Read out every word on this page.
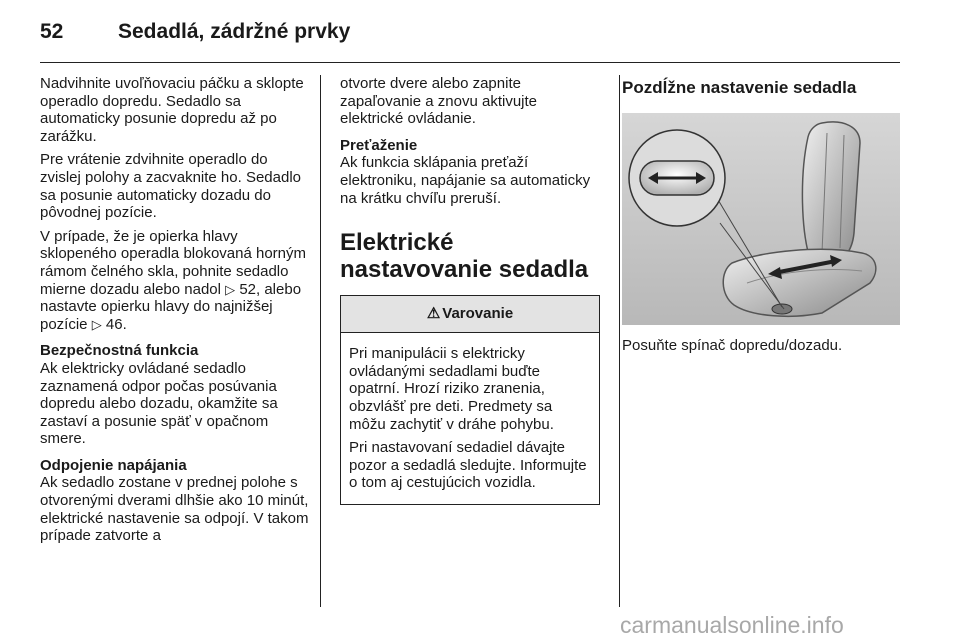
52	Sedadlá, zádržné prvky

Nadvihnite uvoľňovaciu páčku a sklopte operadlo dopredu. Sedadlo sa automaticky posunie dopredu až po zarážku.

Pre vrátenie zdvihnite operadlo do zvislej polohy a zacvaknite ho. Sedadlo sa posunie automaticky dozadu do pôvodnej pozície.

V prípade, že je opierka hlavy sklopeného operadla blokovaná horným rámom čelného skla, pohnite sedadlo mierne dozadu alebo nadol ▷ 52, alebo nastavte opierku hlavy do najnižšej pozície ▷ 46.

Bezpečnostná funkcia

Ak elektricky ovládané sedadlo zaznamená odpor počas posúvania dopredu alebo dozadu, okamžite sa zastaví a posunie späť v opačnom smere.

Odpojenie napájania

Ak sedadlo zostane v prednej polohe s otvorenými dverami dlhšie ako 10 minút, elektrické nastavenie sa odpojí. V takom prípade zatvorte a

otvorte dvere alebo zapnite zapaľovanie a znovu aktivujte elektrické ovládanie.

Preťaženie

Ak funkcia sklápania preťaží elektroniku, napájanie sa automaticky na krátku chvíľu preruší.

Elektrické nastavovanie sedadla
⚠ Varovanie

Pri manipulácii s elektricky ovládanými sedadlami buďte opatrní. Hrozí riziko zranenia, obzvlášť pre deti. Predmety sa môžu zachytiť v dráhe pohybu.

Pri nastavovaní sedadiel dávajte pozor a sedadlá sledujte. Informujte o tom aj cestujúcich vozidla.

Pozdĺžne nastavenie sedadla

Posuňte spínač dopredu/dozadu.

carmanualsonline.info
